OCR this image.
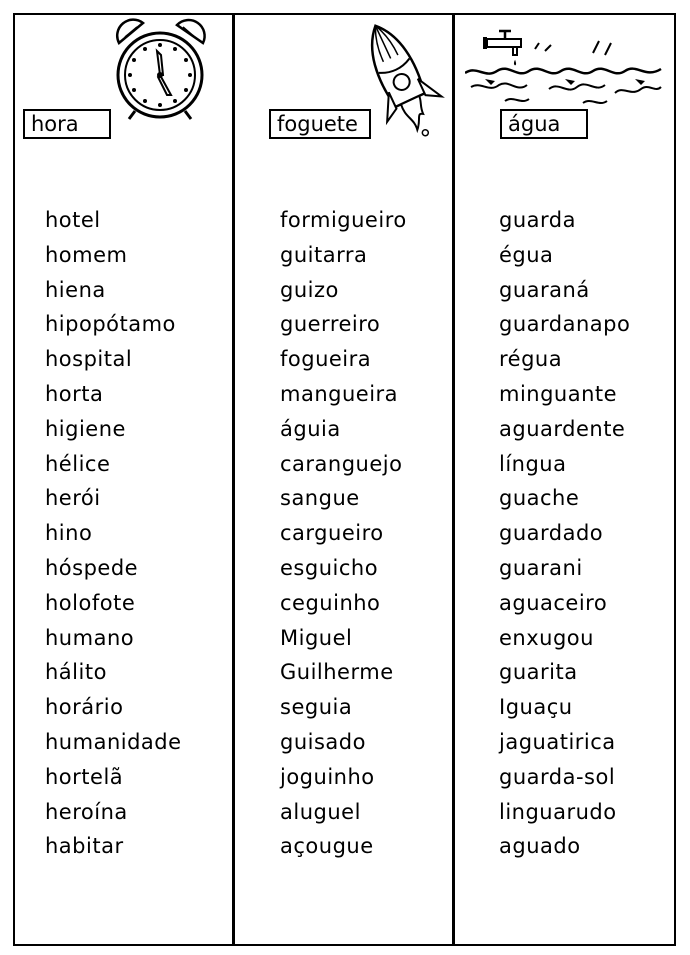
hora
hotel
homem
hiena
hipopótamo
hospital
horta
higiene
hélice
herói
hino
hóspede
holofote
humano
hálito
horário
humanidade
hortelã
heroína
habitar
foguete
formigueiro
guitarra
guizo
guerreiro
fogueira
mangueira
águia
caranguejo
sangue
cargueiro
esguicho
ceguinho
Miguel
Guilherme
seguia
guisado
joguinho
aluguel
açougue
água
guarda
égua
guaraná
guardanapo
régua
minguante
aguardente
língua
guache
guardado
guarani
aguaceiro
enxugou
guarita
Iguaçu
jaguatirica
guarda-sol
linguarudo
aguado
